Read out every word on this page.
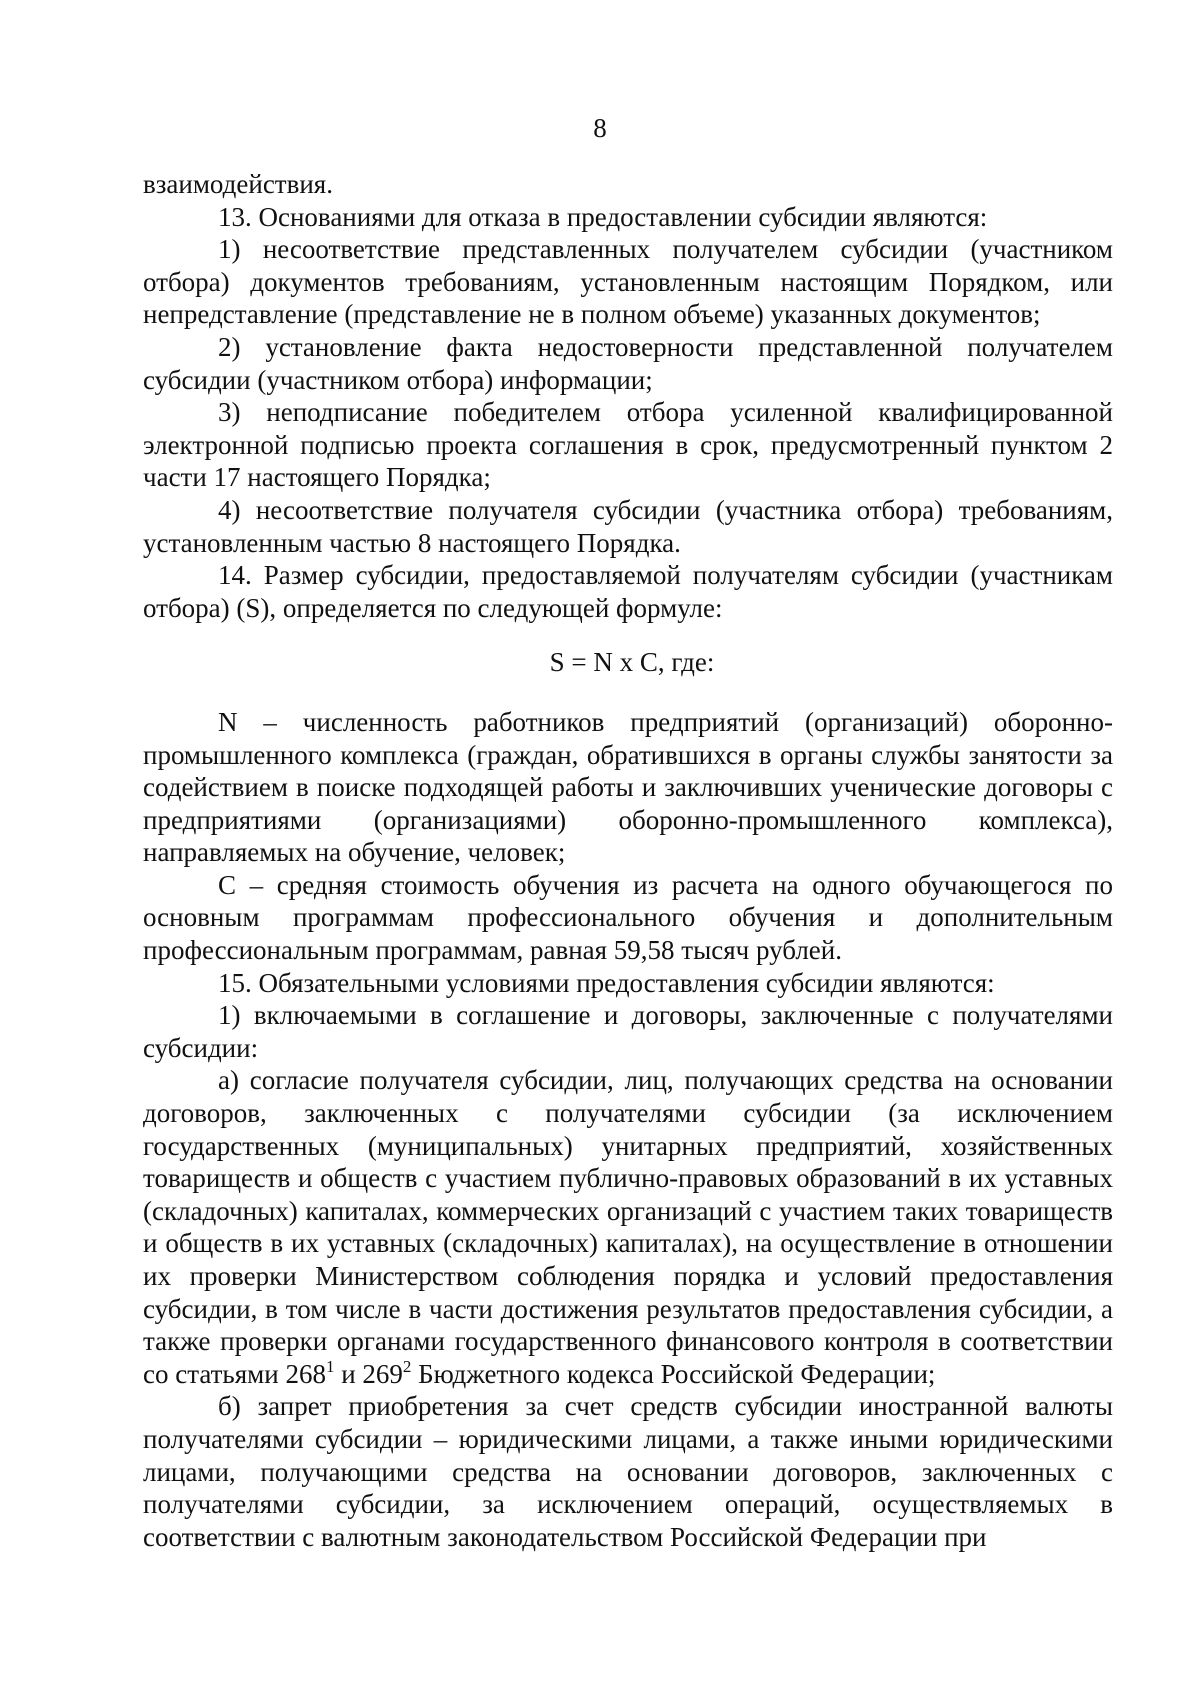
8

взаимодействия.

13. Основаниями для отказа в предоставлении субсидии являются:

1) несоответствие представленных получателем субсидии (участником отбора) документов требованиям, установленным настоящим Порядком, или непредставление (представление не в полном объеме) указанных документов;

2) установление факта недостоверности представленной получателем субсидии (участником отбора) информации;

3) неподписание победителем отбора усиленной квалифицированной электронной подписью проекта соглашения в срок, предусмотренный пунктом 2 части 17 настоящего Порядка;

4) несоответствие получателя субсидии (участника отбора) требованиям, установленным частью 8 настоящего Порядка.

14. Размер субсидии, предоставляемой получателям субсидии (участникам отбора) (S), определяется по следующей формуле:

S = N x C, где:

N – численность работников предприятий (организаций) оборонно-промышленного комплекса (граждан, обратившихся в органы службы занятости за содействием в поиске подходящей работы и заключивших ученические договоры с предприятиями (организациями) оборонно-промышленного комплекса), направляемых на обучение, человек;

C – средняя стоимость обучения из расчета на одного обучающегося по основным программам профессионального обучения и дополнительным профессиональным программам, равная 59,58 тысяч рублей.

15. Обязательными условиями предоставления субсидии являются:

1) включаемыми в соглашение и договоры, заключенные с получателями субсидии:

а) согласие получателя субсидии, лиц, получающих средства на основании договоров, заключенных с получателями субсидии (за исключением государственных (муниципальных) унитарных предприятий, хозяйственных товариществ и обществ с участием публично-правовых образований в их уставных (складочных) капиталах, коммерческих организаций с участием таких товариществ и обществ в их уставных (складочных) капиталах), на осуществление в отношении их проверки Министерством соблюдения порядка и условий предоставления субсидии, в том числе в части достижения результатов предоставления субсидии, а также проверки органами государственного финансового контроля в соответствии со статьями $268^1$ и $269^2$ Бюджетного кодекса Российской Федерации;

б) запрет приобретения за счет средств субсидии иностранной валюты получателями субсидии – юридическими лицами, а также иными юридическими лицами, получающими средства на основании договоров, заключенных с получателями субсидии, за исключением операций, осуществляемых в соответствии с валютным законодательством Российской Федерации при
